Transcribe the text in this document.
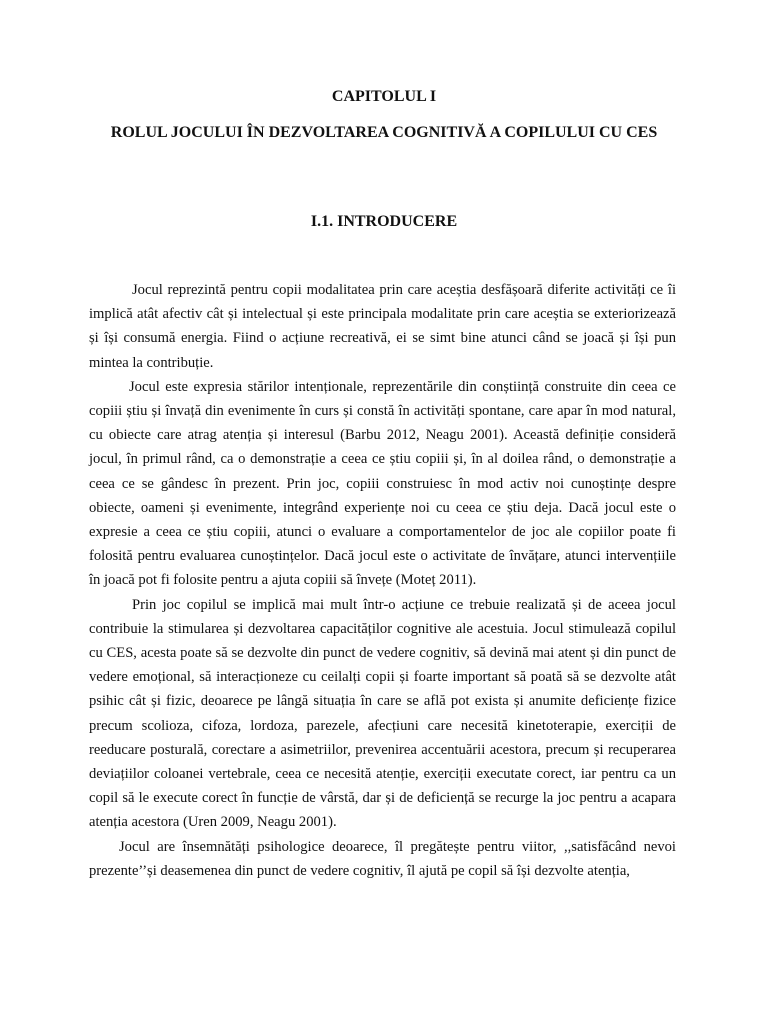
CAPITOLUL I
ROLUL JOCULUI ÎN DEZVOLTAREA COGNITIVĂ A COPILULUI CU CES
I.1. INTRODUCERE

Jocul reprezintă pentru copii modalitatea prin care aceștia desfășoară diferite activități ce îi implică atât afectiv cât și intelectual și este principala modalitate prin care aceștia se exteriorizează și își consumă energia. Fiind o acțiune recreativă, ei se simt bine atunci când se joacă și își pun mintea la contribuție.

Jocul este expresia stărilor intenționale, reprezentările din conștiință construite din ceea ce copiii știu și învață din evenimente în curs și constă în activități spontane, care apar în mod natural, cu obiecte care atrag atenția și interesul (Barbu 2012, Neagu 2001). Această definiție consideră jocul, în primul rând, ca o demonstrație a ceea ce știu copiii și, în al doilea rând, o demonstrație a ceea ce se gândesc în prezent. Prin joc, copiii construiesc în mod activ noi cunoștințe despre obiecte, oameni și evenimente, integrând experiențe noi cu ceea ce știu deja. Dacă jocul este o expresie a ceea ce știu copiii, atunci o evaluare a comportamentelor de joc ale copiilor poate fi folosită pentru evaluarea cunoștințelor. Dacă jocul este o activitate de învățare, atunci intervențiile în joacă pot fi folosite pentru a ajuta copiii să învețe (Moteț 2011).

Prin joc copilul se implică mai mult într-o acțiune ce trebuie realizată și de aceea jocul contribuie la stimularea și dezvoltarea capacităților cognitive ale acestuia. Jocul stimulează copilul cu CES, acesta poate să se dezvolte din punct de vedere cognitiv, să devină mai atent și din punct de vedere emoțional, să interacționeze cu ceilalți copii și foarte important să poată să se dezvolte atât psihic cât și fizic, deoarece pe lângă situația în care se află pot exista și anumite deficiențe fizice precum scolioza, cifoza, lordoza, parezele, afecțiuni care necesită kinetoterapie, exerciții de reeducare posturală, corectare a asimetriilor, prevenirea accentuării acestora, precum și recuperarea deviațiilor coloanei vertebrale, ceea ce necesită atenție, exerciții executate corect, iar pentru ca un copil să le execute corect în funcție de vârstă, dar și de deficiență se recurge la joc pentru a acapara atenția acestora (Uren 2009, Neagu 2001).

Jocul are însemnătăți psihologice deoarece, îl pregătește pentru viitor, ,,satisfăcând nevoi prezente’’și deasemenea din punct de vedere cognitiv, îl ajută pe copil să își dezvolte atenția,
